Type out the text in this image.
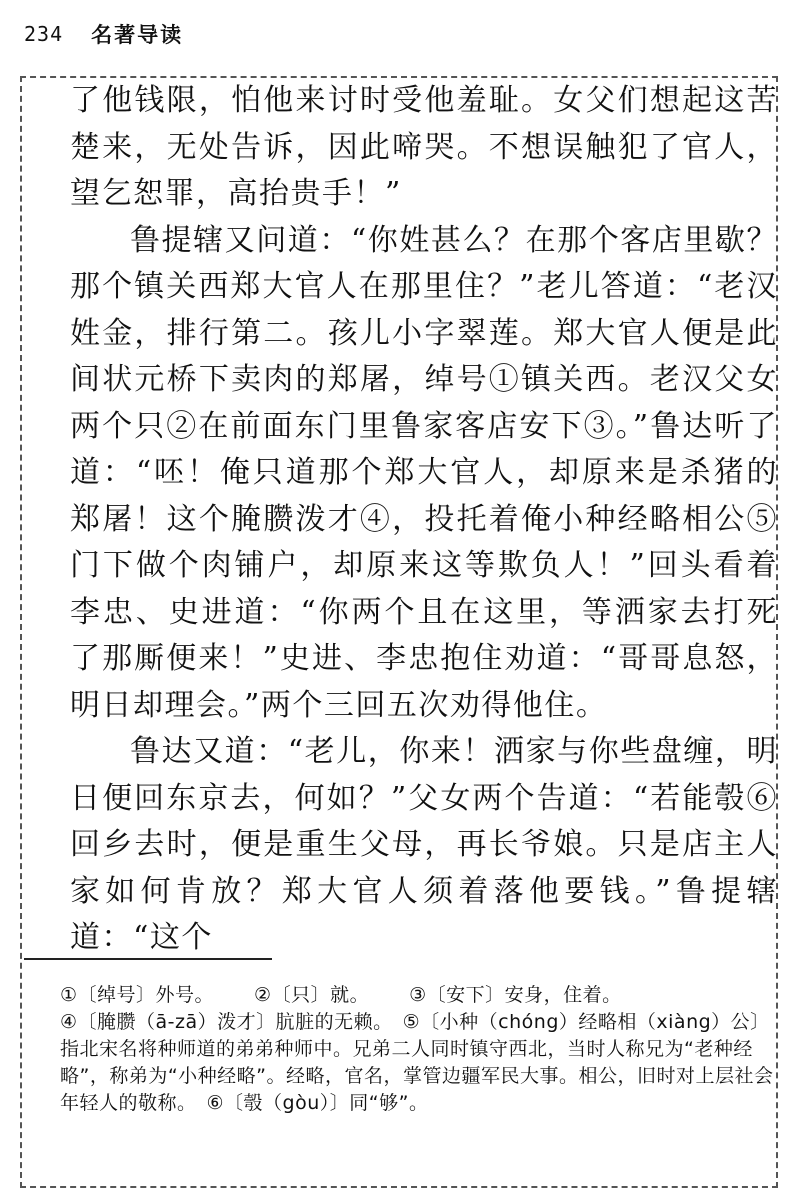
234 名著导读

了他钱限，怕他来讨时受他羞耻。女父们想起这苦楚来，无处告诉，因此啼哭。不想误触犯了官人，望乞恕罪，高抬贵手！”

鲁提辖又问道：“你姓甚么？在那个客店里歇？那个镇关西郑大官人在那里住？”老儿答道：“老汉姓金，排行第二。孩儿小字翠莲。郑大官人便是此间状元桥下卖肉的郑屠，绰号①镇关西。老汉父女两个只②在前面东门里鲁家客店安下③。”鲁达听了道：“呸！俺只道那个郑大官人，却原来是杀猪的郑屠！这个腌臜泼才④，投托着俺小种经略相公⑤门下做个肉铺户，却原来这等欺负人！”回头看着李忠、史进道：“你两个且在这里，等洒家去打死了那厮便来！”史进、李忠抱住劝道：“哥哥息怒，明日却理会。”两个三回五次劝得他住。

鲁达又道：“老儿，你来！洒家与你些盘缠，明日便回东京去，何如？”父女两个告道：“若能彀⑥回乡去时，便是重生父母，再长爷娘。只是店主人家如何肯放？郑大官人须着落他要钱。”鲁提辖道：“这个

①〔绰号〕外号。 ②〔只〕就。 ③〔安下〕安身，住着。

④〔腌臜（ā-zā）泼才〕肮脏的无赖。　⑤〔小种（chóng）经略相（xiàng）公〕指北宋名将种师道的弟弟种师中。兄弟二人同时镇守西北，当时人称兄为“老种经略”，称弟为“小种经略”。经略，官名，掌管边疆军民大事。相公，旧时对上层社会年轻人的敬称。　⑥〔彀（gòu）〕同“够”。
